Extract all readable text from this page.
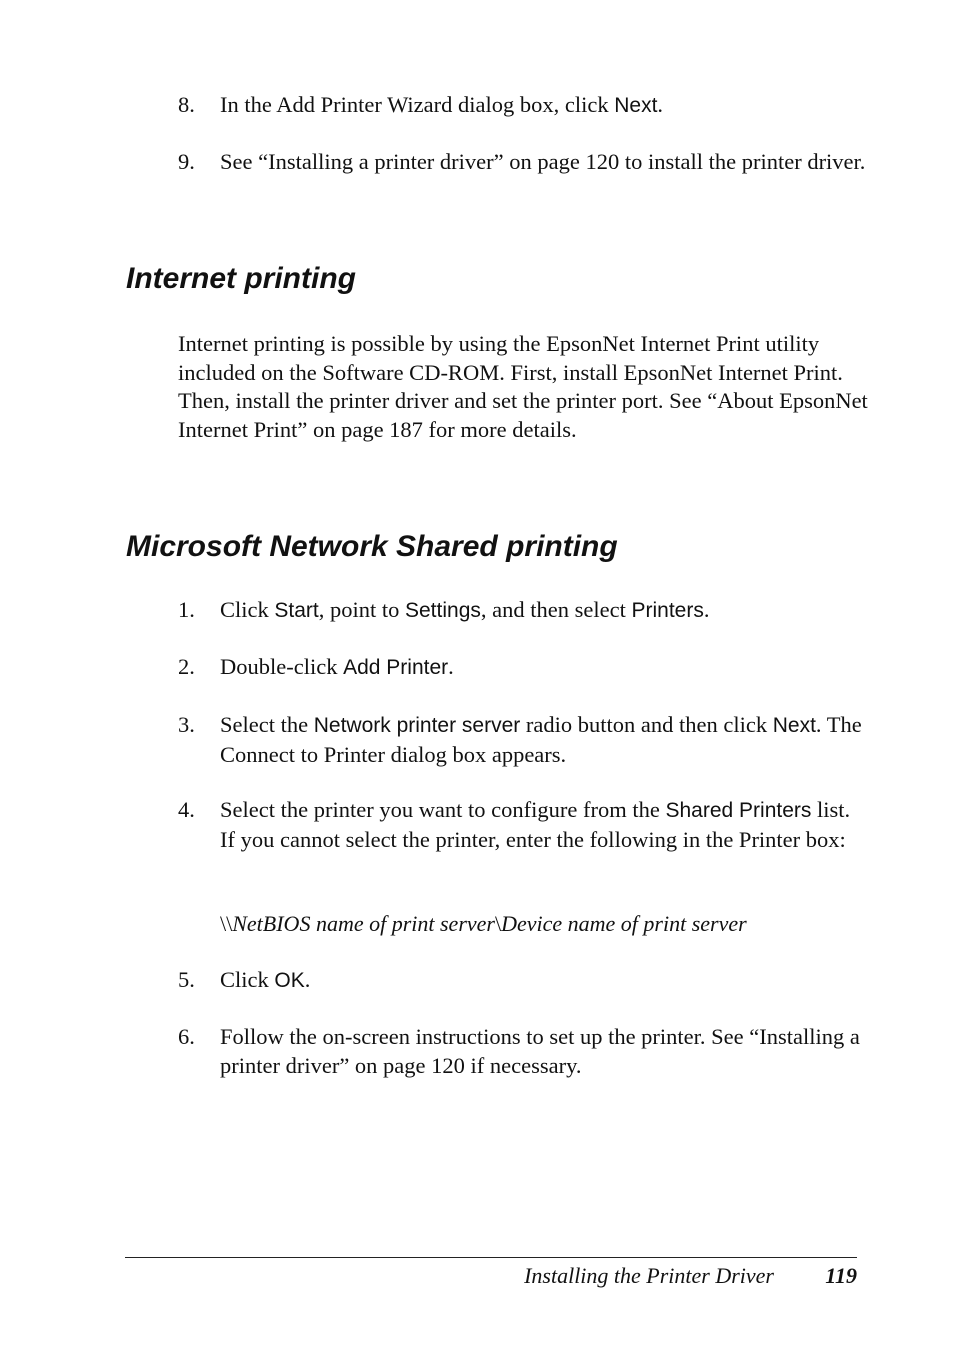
8.	In the Add Printer Wizard dialog box, click Next.
9.	See “Installing a printer driver” on page 120 to install the printer driver.
Internet printing

Internet printing is possible by using the EpsonNet Internet Print utility included on the Software CD-ROM. First, install EpsonNet Internet Print. Then, install the printer driver and set the printer port. See “About EpsonNet Internet Print” on page 187 for more details.

Microsoft Network Shared printing
1.	Click Start, point to Settings, and then select Printers.
2.	Double-click Add Printer.
3.	Select the Network printer server radio button and then click Next. The Connect to Printer dialog box appears.
4.	Select the printer you want to configure from the Shared Printers list. If you cannot select the printer, enter the following in the Printer box:
\\NetBIOS name of print server\Device name of print server
5.	Click OK.
6.	Follow the on-screen instructions to set up the printer. See “Installing a printer driver” on page 120 if necessary.
Installing the Printer Driver 119
